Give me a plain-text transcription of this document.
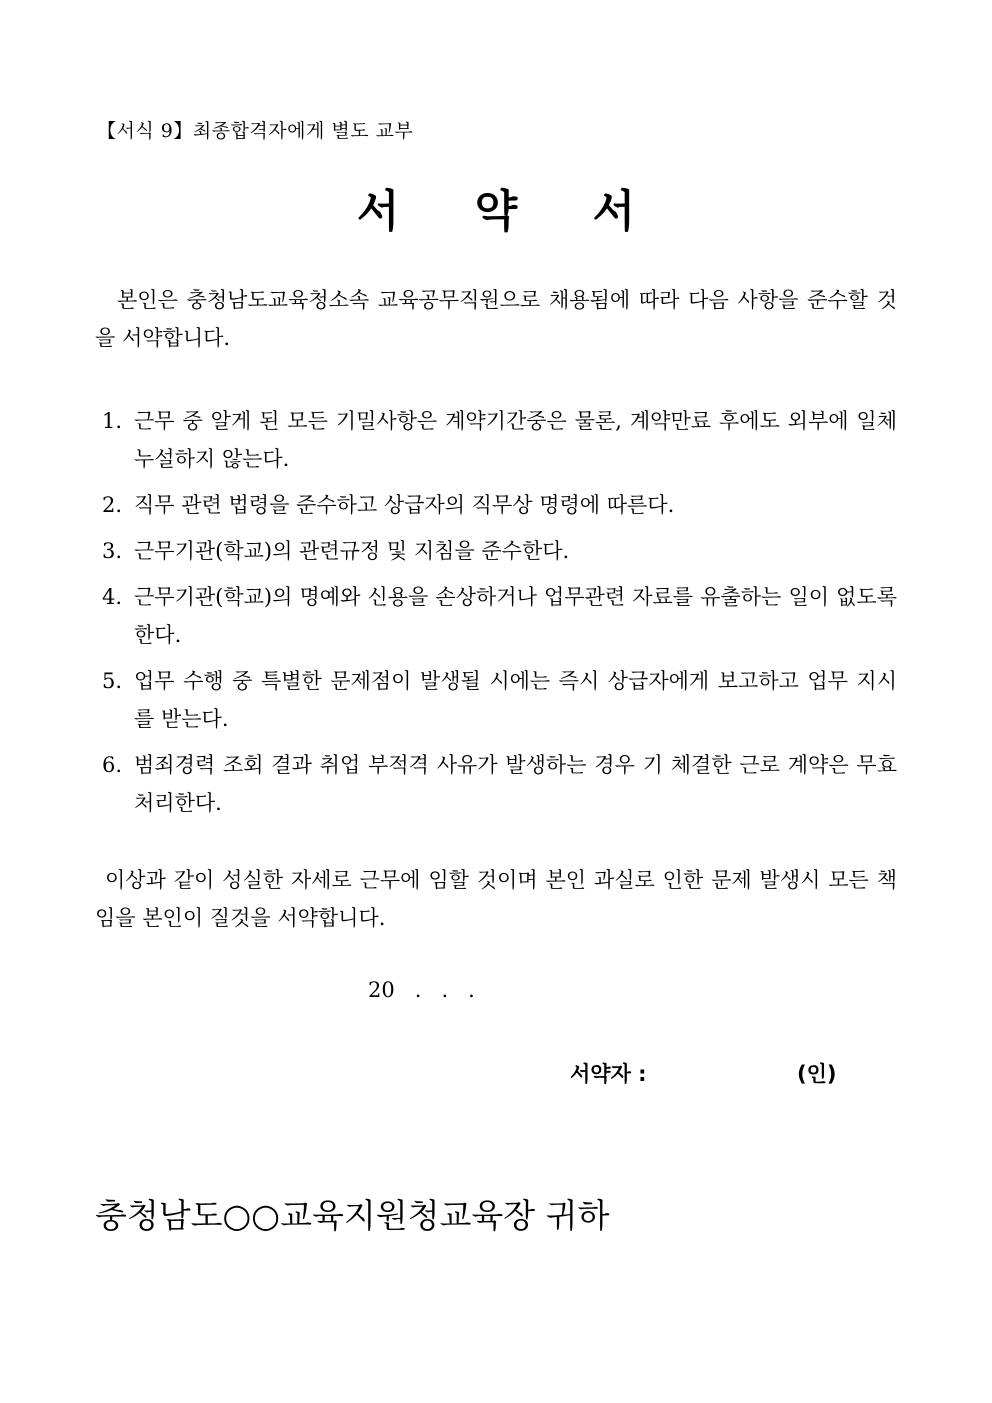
【서식 9】최종합격자에게 별도 교부
서 약 서
본인은 충청남도교육청소속 교육공무직원으로 채용됨에 따라 다음 사항을 준수할 것을 서약합니다.
1. 근무 중 알게 된 모든 기밀사항은 계약기간중은 물론, 계약만료 후에도 외부에 일체 누설하지 않는다.
2. 직무 관련 법령을 준수하고 상급자의 직무상 명령에 따른다.
3. 근무기관(학교)의 관련규정 및 지침을 준수한다.
4. 근무기관(학교)의 명예와 신용을 손상하거나 업무관련 자료를 유출하는 일이 없도록 한다.
5. 업무 수행 중 특별한 문제점이 발생될 시에는 즉시 상급자에게 보고하고 업무 지시를 받는다.
6. 범죄경력 조회 결과 취업 부적격 사유가 발생하는 경우 기 체결한 근로 계약은 무효처리한다.
이상과 같이 성실한 자세로 근무에 임할 것이며 본인 과실로 인한 문제 발생시 모든 책임을 본인이 질것을 서약합니다.
20   .   .   .
서약자 :	(인)
충청남도○○교육지원청교육장 귀하
